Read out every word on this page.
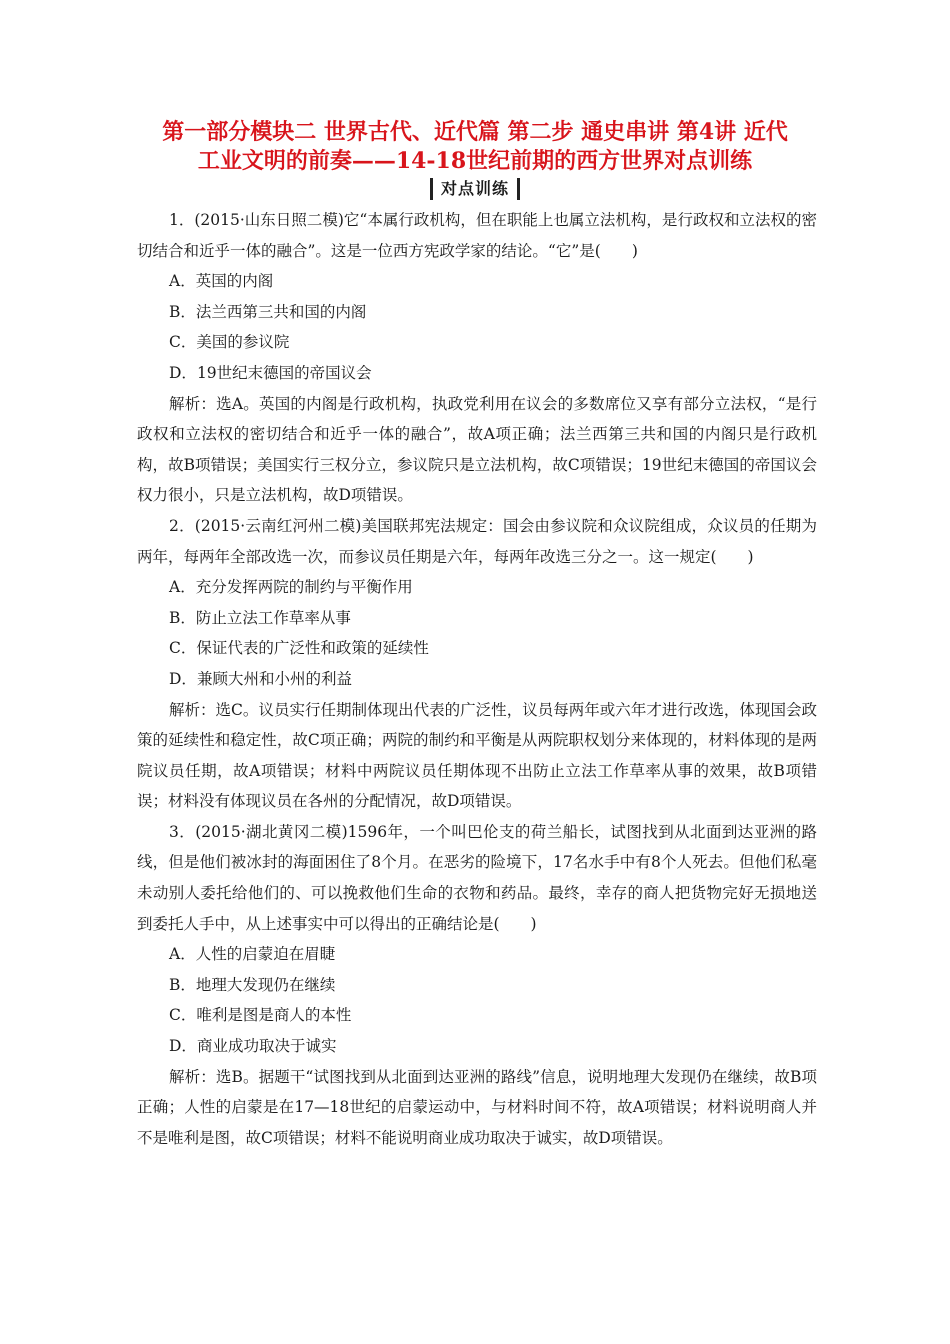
第一部分模块二 世界古代、近代篇 第二步 通史串讲 第4讲 近代
工业文明的前奏——14-18世纪前期的西方世界对点训练
对点训练

1．(2015·山东日照二模)它“本属行政机构，但在职能上也属立法机构，是行政权和立法权的密切结合和近乎一体的融合”。这是一位西方宪政学家的结论。“它”是(　　)

A．英国的内阁

B．法兰西第三共和国的内阁

C．美国的参议院

D．19世纪末德国的帝国议会

解析：选A。英国的内阁是行政机构，执政党利用在议会的多数席位又享有部分立法权，“是行政权和立法权的密切结合和近乎一体的融合”，故A项正确；法兰西第三共和国的内阁只是行政机构，故B项错误；美国实行三权分立，参议院只是立法机构，故C项错误；19世纪末德国的帝国议会权力很小，只是立法机构，故D项错误。

2．(2015·云南红河州二模)美国联邦宪法规定：国会由参议院和众议院组成，众议员的任期为两年，每两年全部改选一次，而参议员任期是六年，每两年改选三分之一。这一规定(　　)

A．充分发挥两院的制约与平衡作用

B．防止立法工作草率从事

C．保证代表的广泛性和政策的延续性

D．兼顾大州和小州的利益

解析：选C。议员实行任期制体现出代表的广泛性，议员每两年或六年才进行改选，体现国会政策的延续性和稳定性，故C项正确；两院的制约和平衡是从两院职权划分来体现的，材料体现的是两院议员任期，故A项错误；材料中两院议员任期体现不出防止立法工作草率从事的效果，故B项错误；材料没有体现议员在各州的分配情况，故D项错误。

3．(2015·湖北黄冈二模)1596年，一个叫巴伦支的荷兰船长，试图找到从北面到达亚洲的路线，但是他们被冰封的海面困住了8个月。在恶劣的险境下，17名水手中有8个人死去。但他们私毫未动别人委托给他们的、可以挽救他们生命的衣物和药品。最终，幸存的商人把货物完好无损地送到委托人手中，从上述事实中可以得出的正确结论是(　　)

A．人性的启蒙迫在眉睫

B．地理大发现仍在继续

C．唯利是图是商人的本性

D．商业成功取决于诚实

解析：选B。据题干“试图找到从北面到达亚洲的路线”信息，说明地理大发现仍在继续，故B项正确；人性的启蒙是在17—18世纪的启蒙运动中，与材料时间不符，故A项错误；材料说明商人并不是唯利是图，故C项错误；材料不能说明商业成功取决于诚实，故D项错误。
